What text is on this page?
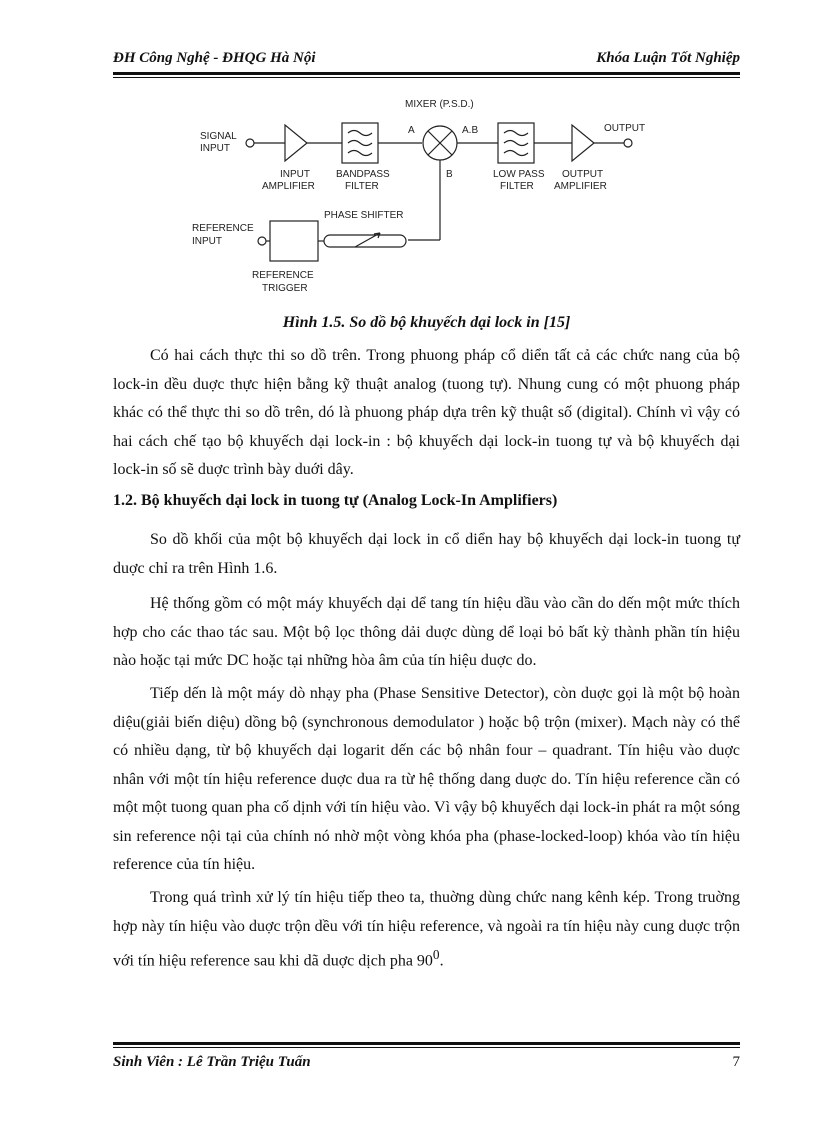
ĐH Công Nghệ - ĐHQG Hà Nội	Khóa Luận Tốt Nghiệp
MIXER (P.S.D.)
SIGNAL
INPUT
INPUT
AMPLIFIER
BANDPASS
FILTER
A	A.B
B	LOW PASS
FILTER
OUTPUT
AMPLIFIER
OUTPUT
PHASE SHIFTER
REFERENCE
INPUT
REFERENCE
TRIGGER
Hình 1.5. So dồ bộ khuyếch dại lock in [15]

Có hai cách thực thi so dồ trên. Trong phuong pháp cổ diển tất cả các chức nang của bộ lock-in dều duợc thực hiện bằng kỹ thuật analog (tuong tự). Nhung cung có một phuong pháp khác có thể thực thi so dồ trên, dó là phuong pháp dựa trên kỹ thuật số (digital). Chính vì vậy có hai cách chế tạo bộ khuyếch dại lock-in : bộ khuyếch dại lock-in tuong tự và bộ khuyếch dại lock-in số sẽ duợc trình bày duới dây.

1.2. Bộ khuyếch dại lock in tuong tự (Analog Lock-In Amplifiers)

So dồ khối của một bộ khuyếch dại lock in cổ diển hay bộ khuyếch dại lock-in tuong tự duợc chỉ ra trên Hình 1.6.

Hệ thống gồm có một máy khuyếch dại dể tang tín hiệu dầu vào cần do dến một mức thích hợp cho các thao tác sau. Một bộ lọc thông dải duợc dùng dể loại bỏ bất kỳ thành phần tín hiệu nào hoặc tại mức DC hoặc tại những hòa âm của tín hiệu duợc do.

Tiếp dến là một máy dò nhạy pha (Phase Sensitive Detector), còn duợc gọi là một bộ hoàn diệu(giải biến diệu) dồng bộ (synchronous demodulator ) hoặc bộ trộn (mixer). Mạch này có thể có nhiều dạng, từ bộ khuyếch dại logarit dến các bộ nhân four – quadrant. Tín hiệu vào duợc nhân với một tín hiệu reference duợc dua ra từ hệ thống dang duợc do. Tín hiệu reference cần có một một tuong quan pha cố dịnh với tín hiệu vào. Vì vậy bộ khuyếch dại lock-in phát ra một sóng sin reference nội tại của chính nó nhờ một vòng khóa pha (phase-locked-loop) khóa vào tín hiệu reference của tín hiệu.

Trong quá trình xử lý tín hiệu tiếp theo ta, thuờng dùng chức nang kênh kép. Trong truờng hợp này tín hiệu vào duợc trộn dều với tín hiệu reference, và ngoài ra tín hiệu này cung duợc trộn với tín hiệu reference sau khi dã duợc dịch pha $90^0$.

Sinh Viên : Lê Trần Triệu Tuấn	7
